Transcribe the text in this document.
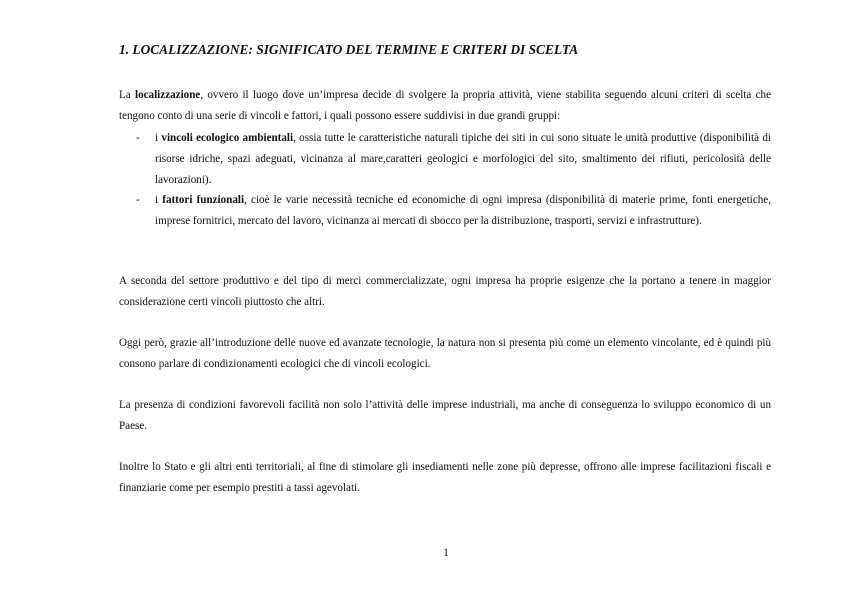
1. LOCALIZZAZIONE: SIGNIFICATO DEL TERMINE E CRITERI DI SCELTA

La localizzazione, ovvero il luogo dove un’impresa decide di svolgere la propria attività, viene stabilita seguendo alcuni criteri di scelta che tengono conto di una serie di vincoli e fattori, i quali possono essere suddivisi in due grandi gruppi:

- i vincoli ecologico ambientali, ossia tutte le caratteristiche naturali tipiche dei siti in cui sono situate le unità produttive (disponibilità di risorse idriche, spazi adeguati, vicinanza al mare,caratteri geologici e morfologici del sito, smaltimento dei rifiuti, pericolosità delle lavorazioni).
- i fattori funzionali, cioè le varie necessità tecniche ed economiche di ogni impresa (disponibilità di materie prime, fonti energetiche, imprese fornitrici, mercato del lavoro, vicinanza ai mercati di sbocco per la distribuzione, trasporti, servizi e infrastrutture).

A seconda del settore produttivo e del tipo di merci commercializzate, ogni impresa ha proprie esigenze che la portano a tenere in maggior considerazione certi vincoli piuttosto che altri.

Oggi però, grazie all’introduzione delle nuove ed avanzate tecnologie, la natura non si presenta più come un elemento vincolante, ed è quindi più consono parlare di condizionamenti ecologici che di vincoli ecologici.

La presenza di condizioni favorevoli facilità non solo l’attività delle imprese industriali, ma anche di conseguenza lo sviluppo economico di un Paese.

Inoltre lo Stato e gli altri enti territoriali, al fine di stimolare gli insediamenti nelle zone più depresse, offrono alle imprese facilitazioni fiscali e finanziarie come per esempio prestiti a tassi agevolati.

1
